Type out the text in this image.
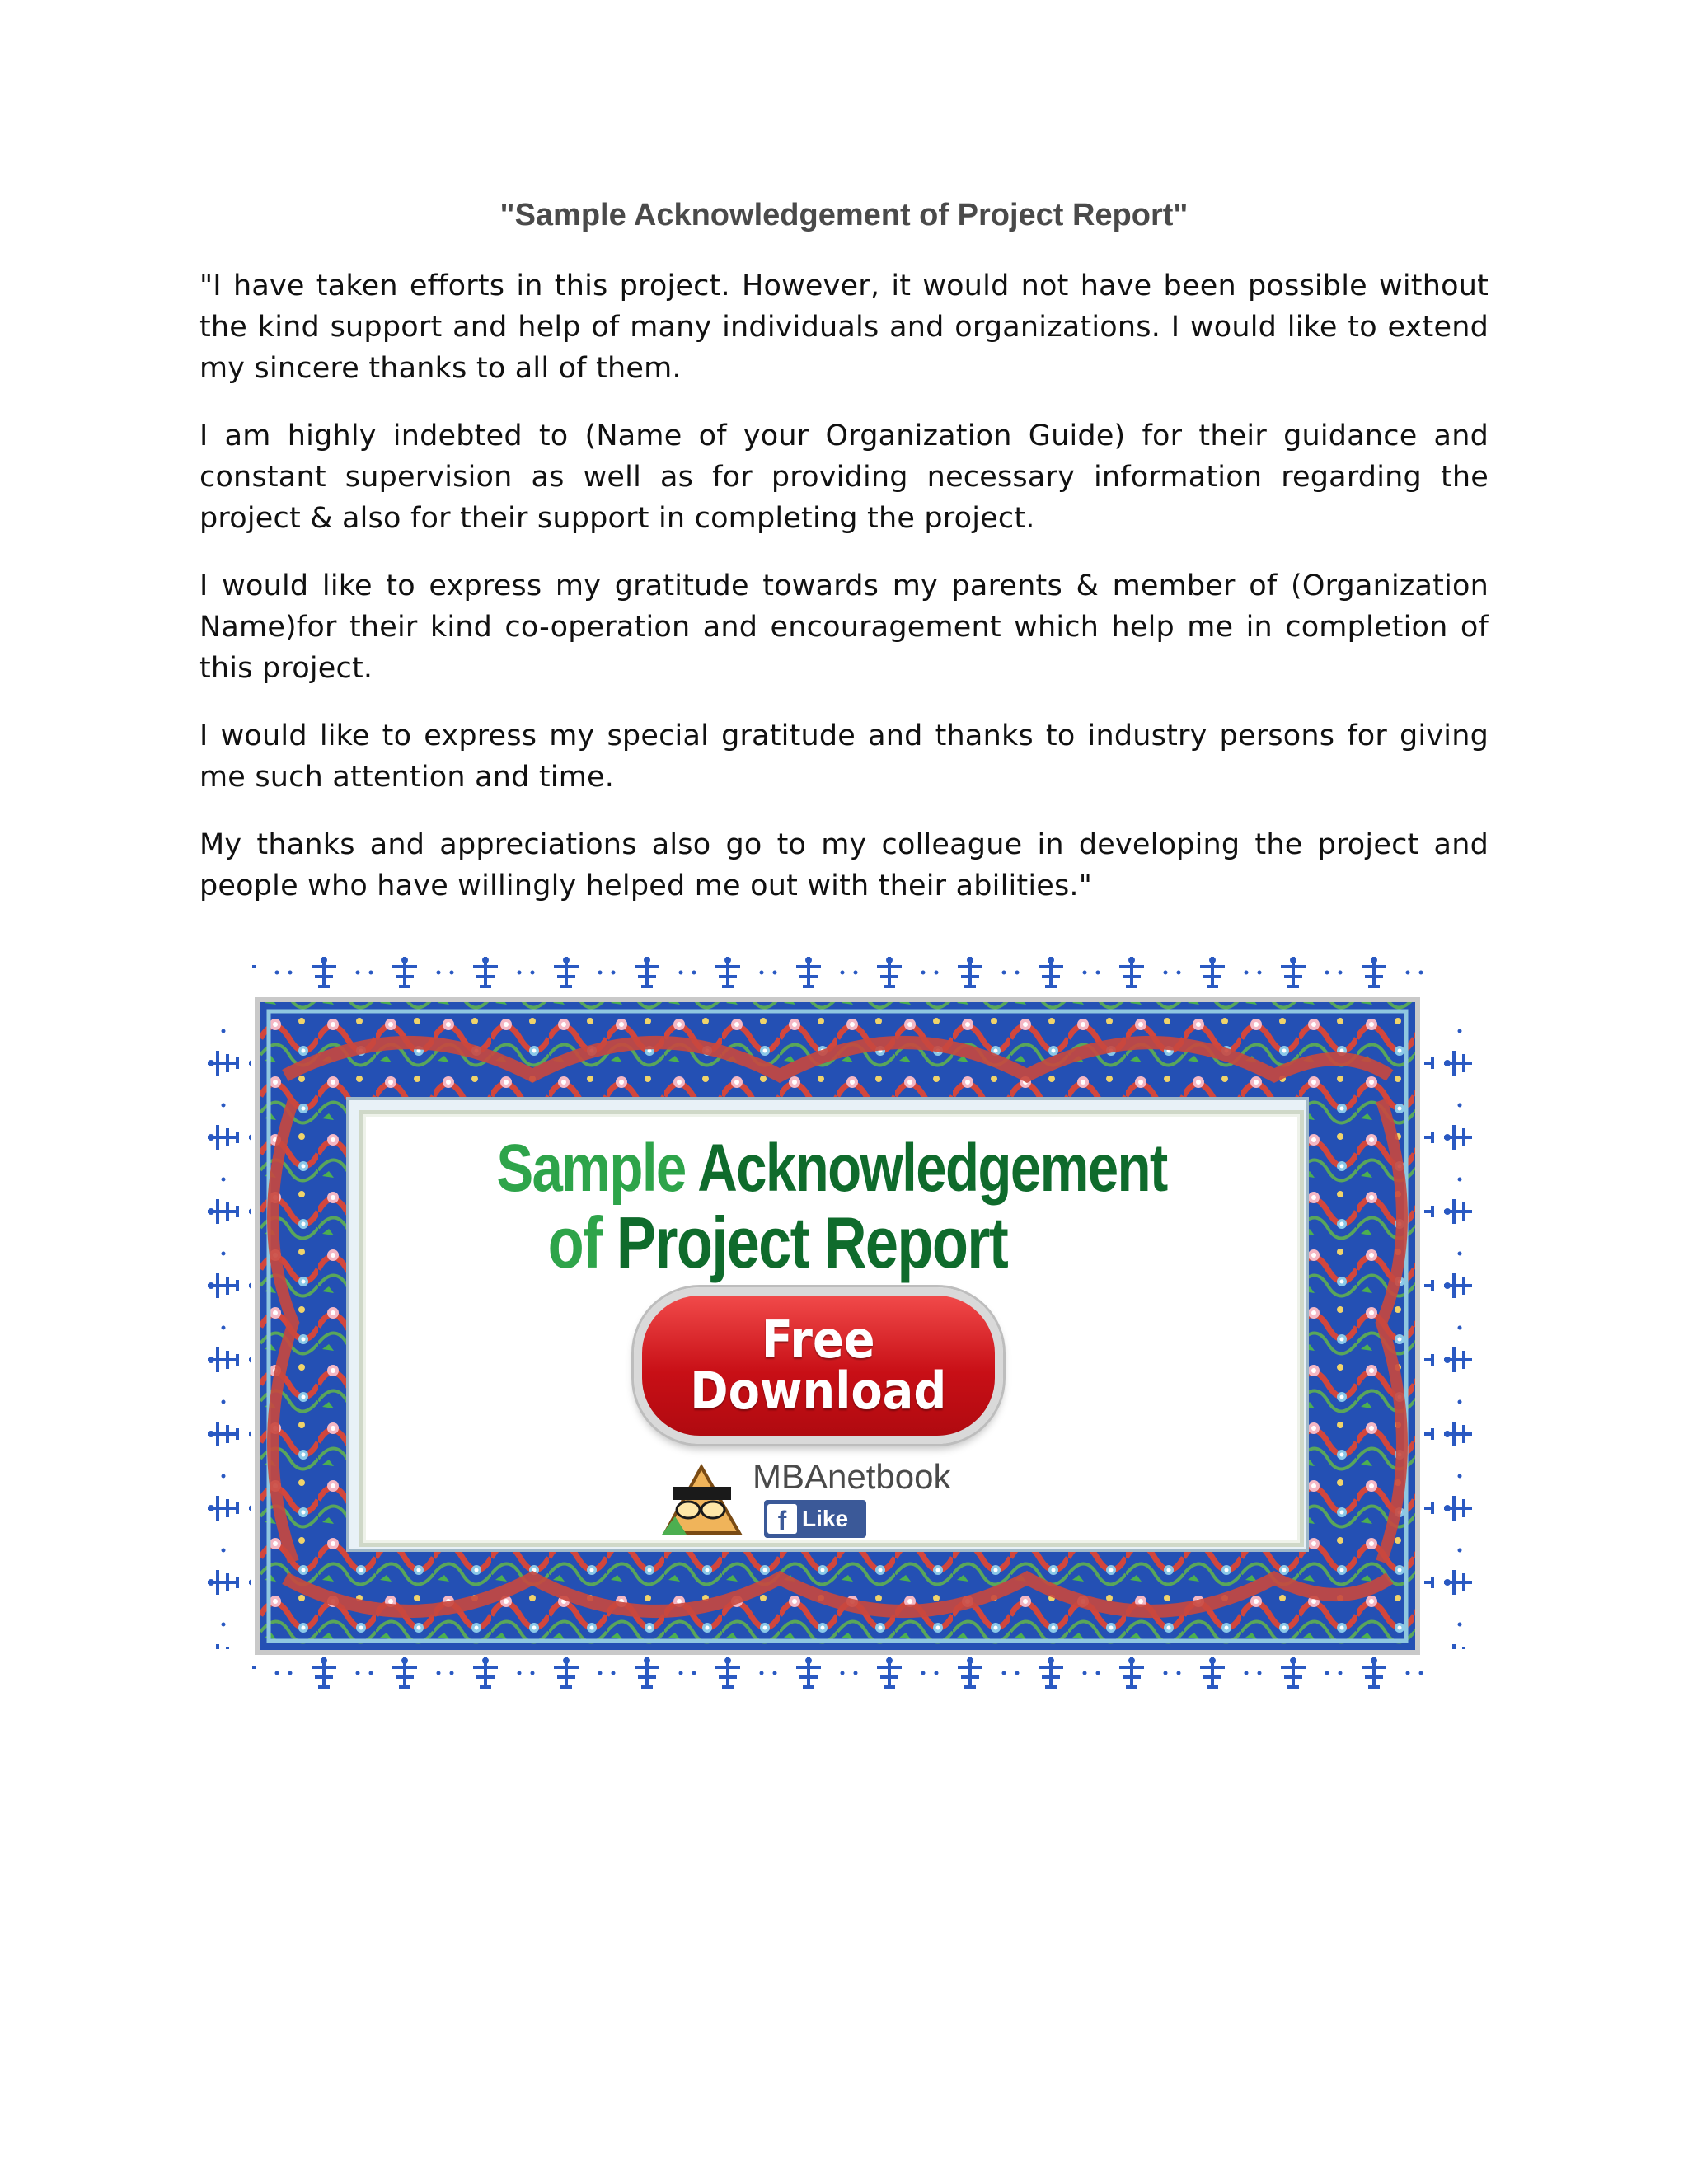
"Sample Acknowledgement of Project Report"

"I have taken efforts in this project. However, it would not have been possible without the kind support and help of many individuals and organizations. I would like to extend my sincere thanks to all of them.

I am highly indebted to (Name of your Organization Guide) for their guidance and constant supervision as well as for providing necessary information regarding the project & also for their support in completing the project.

I would like to express my gratitude towards my parents & member of (Organization Name)for their kind co-operation and encouragement which help me in completion of this project.

I would like to express my special gratitude and thanks to industry persons for giving me such attention and time.

My thanks and appreciations also go to my colleague in developing the project and people who have willingly helped me out with their abilities."

Sample Acknowledgement
of Project Report
Free
Download
MBAnetbook
f Like
